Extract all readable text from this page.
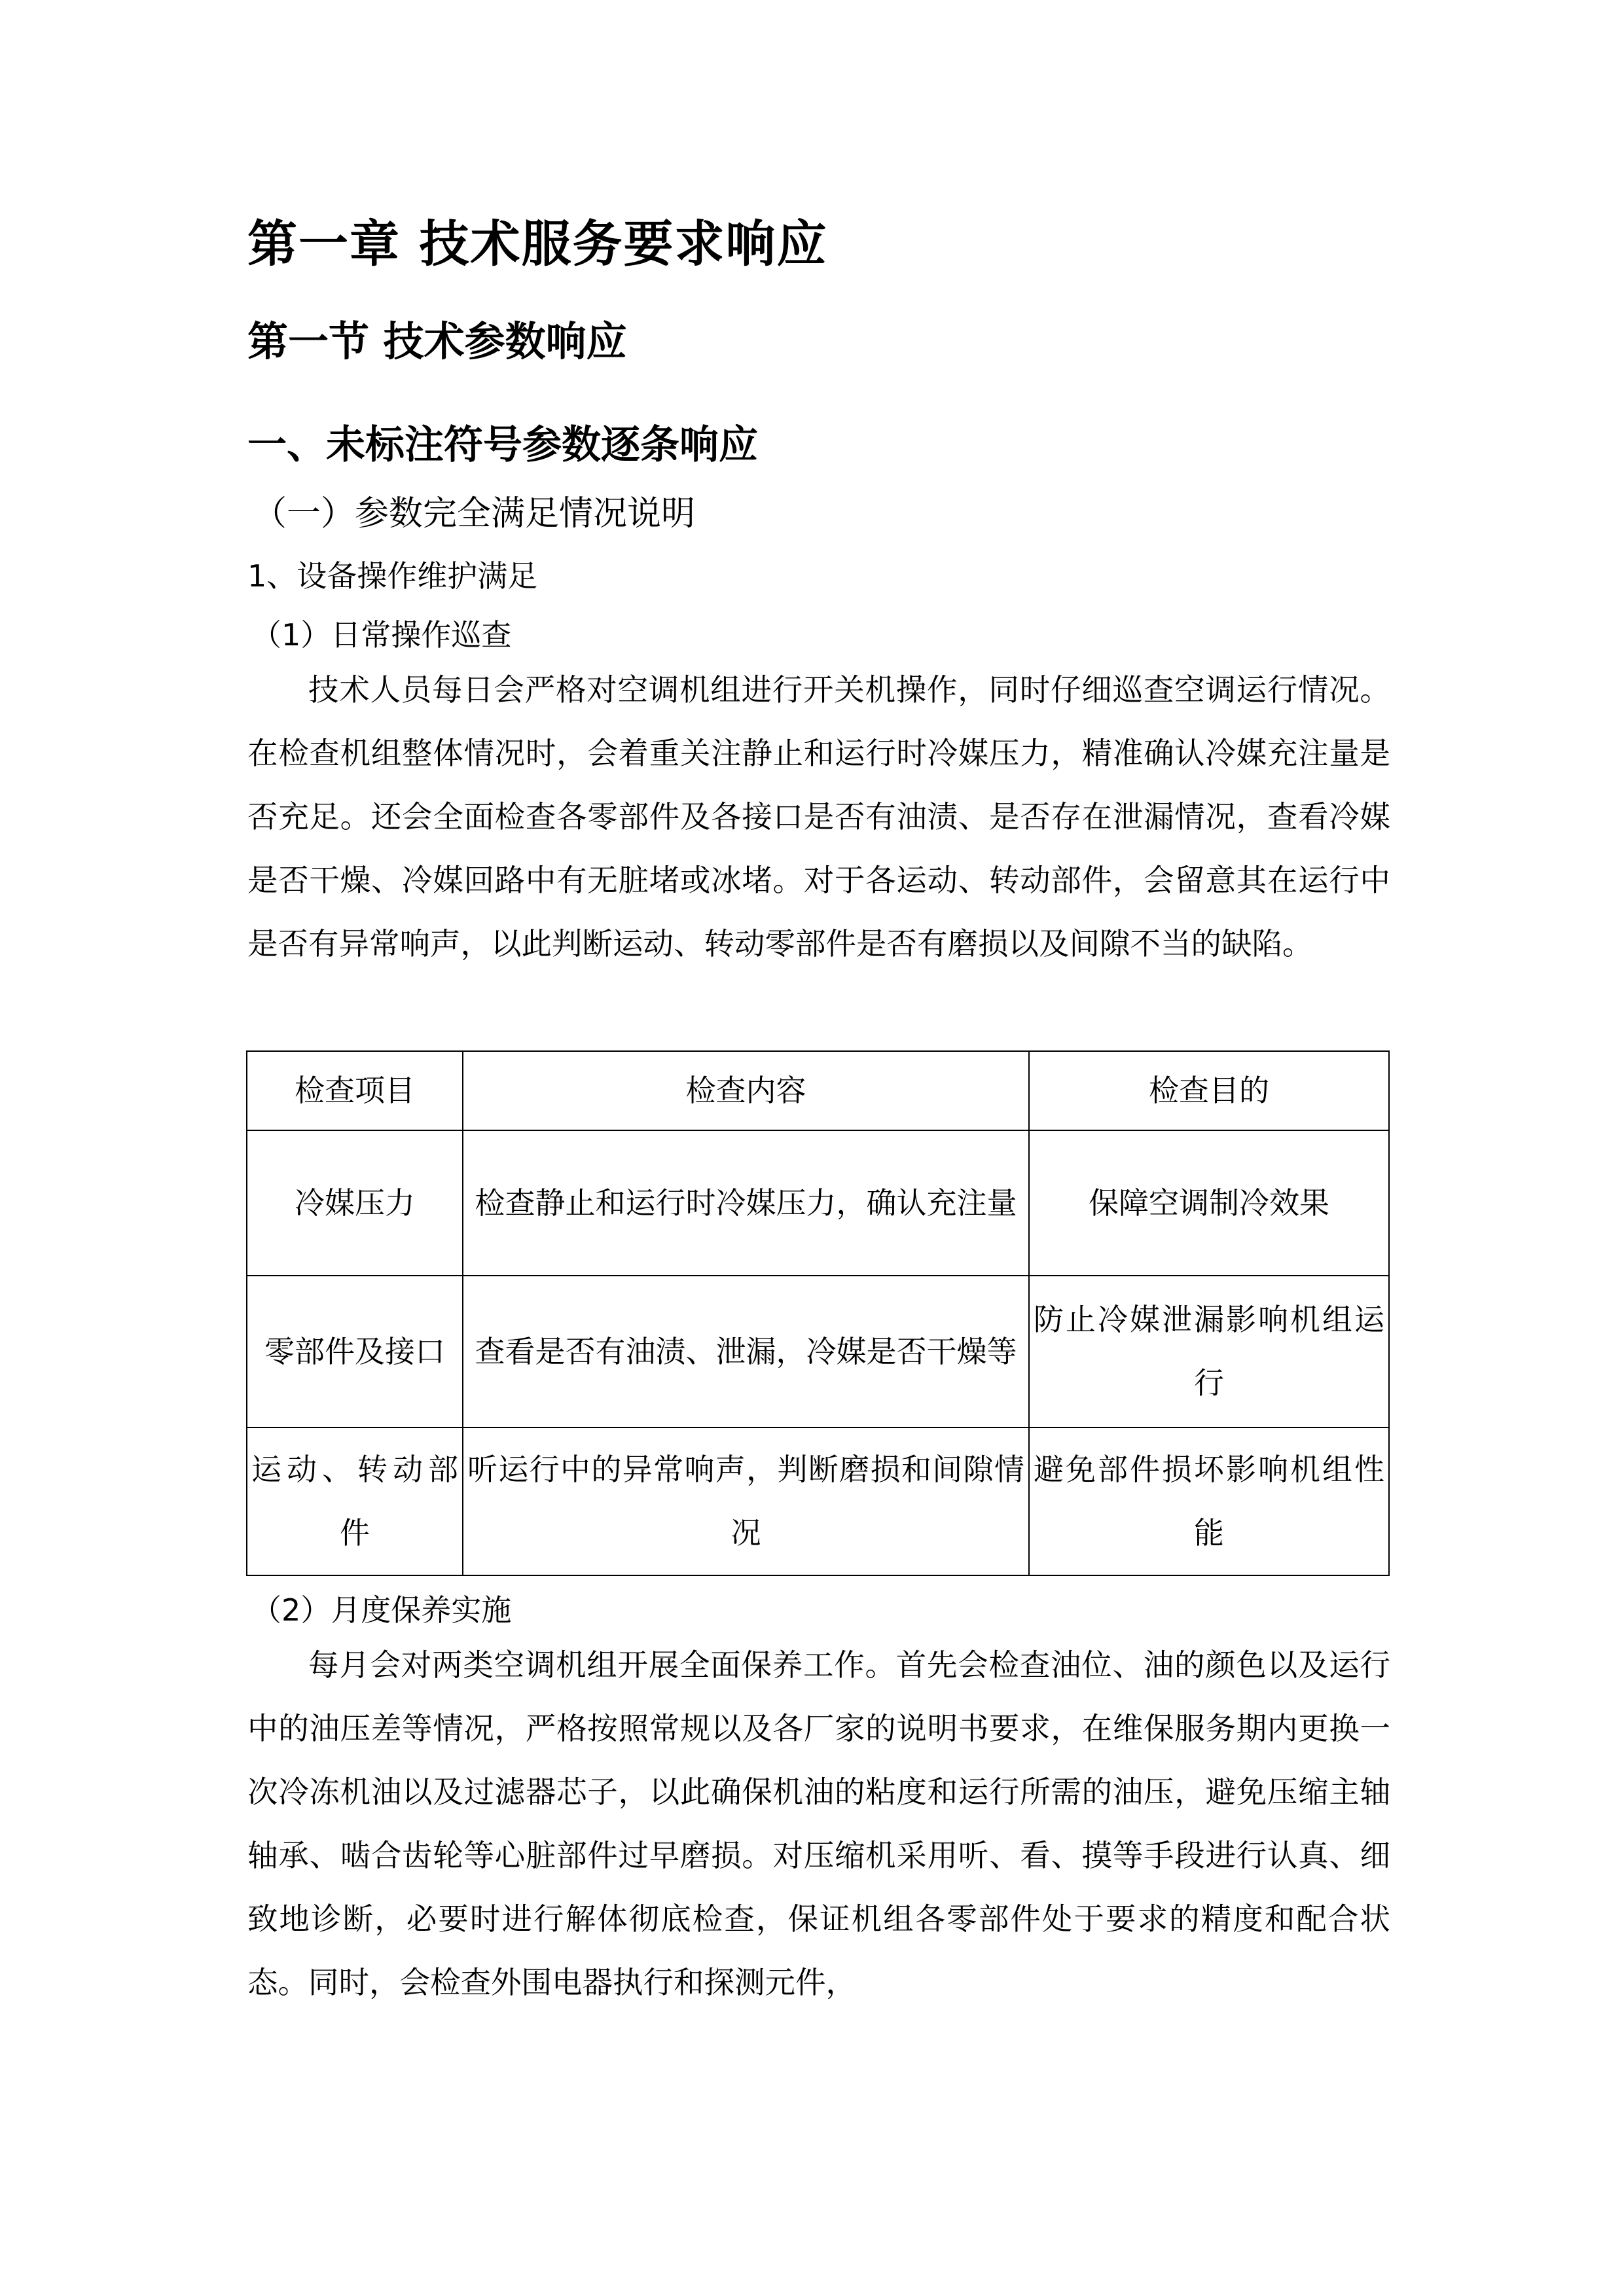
第一章 技术服务要求响应
第一节 技术参数响应
一、未标注符号参数逐条响应
（一）参数完全满足情况说明
1、设备操作维护满足
（1）日常操作巡查

技术人员每日会严格对空调机组进行开关机操作，同时仔细巡查空调运行情况。在检查机组整体情况时，会着重关注静止和运行时冷媒压力，精准确认冷媒充注量是否充足。还会全面检查各零部件及各接口是否有油渍、是否存在泄漏情况，查看冷媒是否干燥、冷媒回路中有无脏堵或冰堵。对于各运动、转动部件，会留意其在运行中是否有异常响声，以此判断运动、转动零部件是否有磨损以及间隙不当的缺陷。

检查项目	检查内容	检查目的
冷媒压力	检查静止和运行时冷媒压力，确认充注量	保障空调制冷效果
零部件及接口	查看是否有油渍、泄漏，冷媒是否干燥等	防止冷媒泄漏影响机组运行
运动、转动部件	听运行中的异常响声，判断磨损和间隙情况	避免部件损坏影响机组性能
（2）月度保养实施

每月会对两类空调机组开展全面保养工作。首先会检查油位、油的颜色以及运行中的油压差等情况，严格按照常规以及各厂家的说明书要求，在维保服务期内更换一次冷冻机油以及过滤器芯子，以此确保机油的粘度和运行所需的油压，避免压缩主轴轴承、啮合齿轮等心脏部件过早磨损。对压缩机采用听、看、摸等手段进行认真、细致地诊断，必要时进行解体彻底检查，保证机组各零部件处于要求的精度和配合状态。同时，会检查外围电器执行和探测元件，
